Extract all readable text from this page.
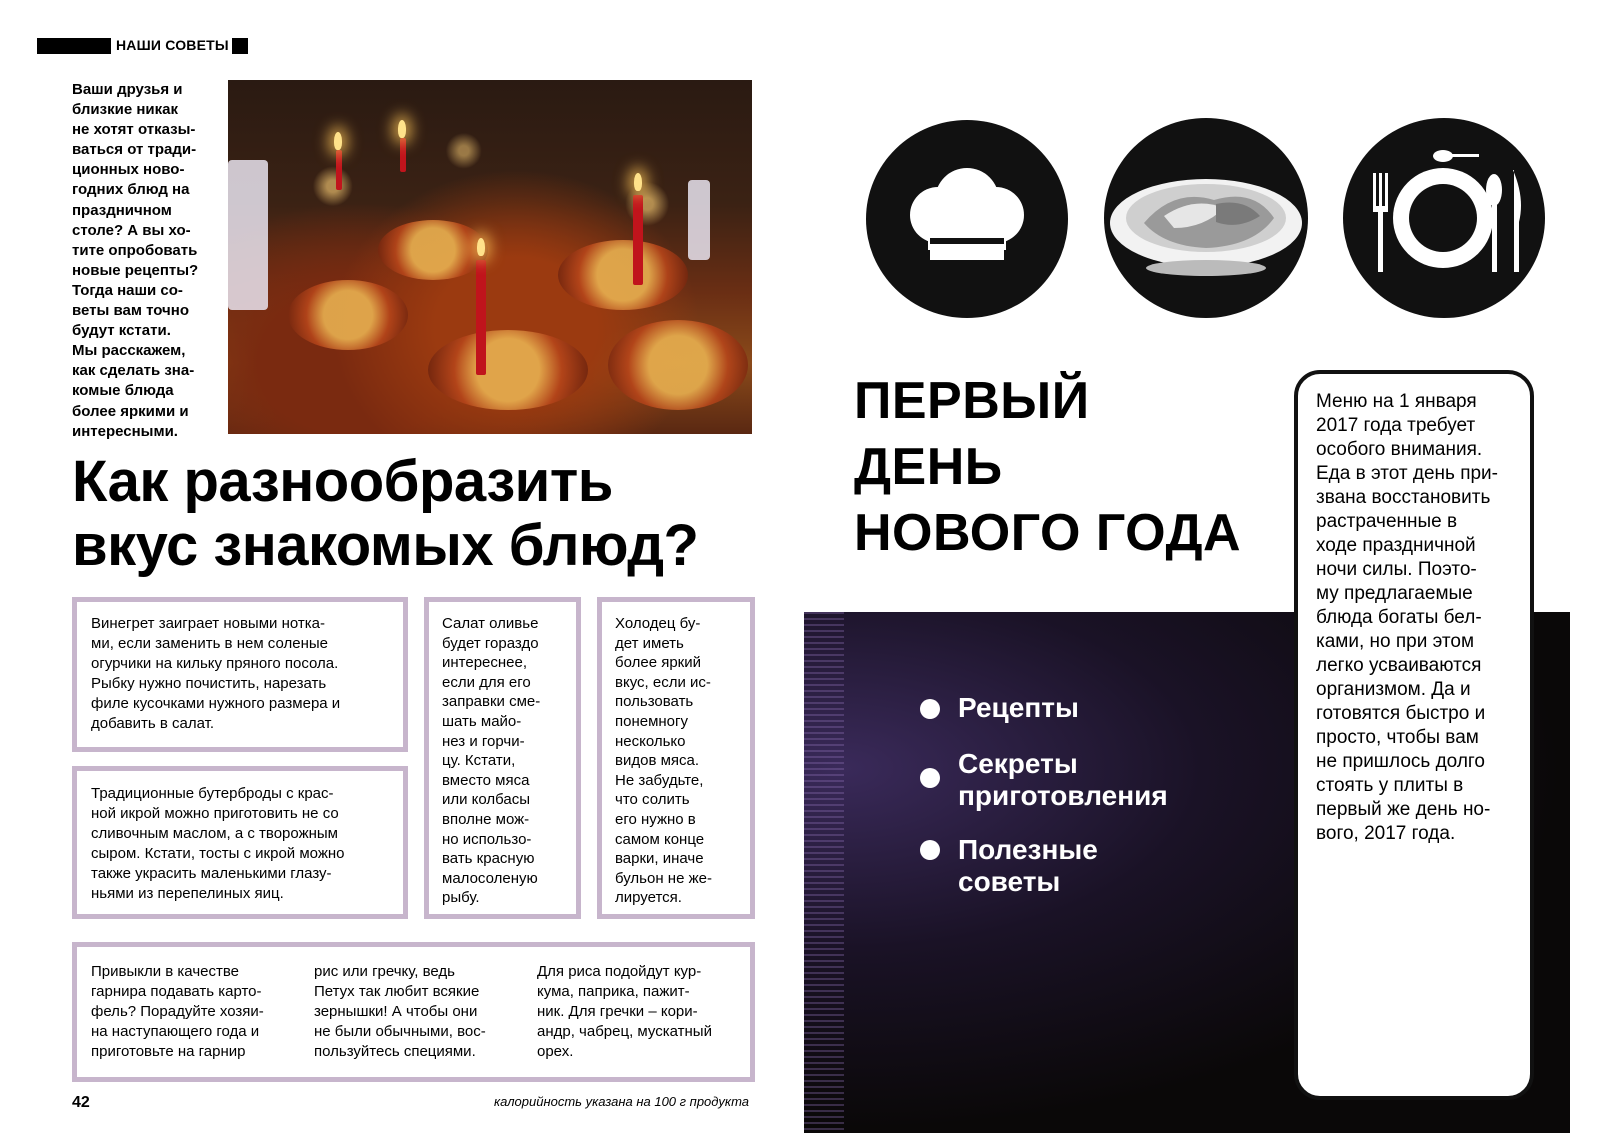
НАШИ СОВЕТЫ
Ваши друзья и
близкие никак
не хотят отказы-
ваться от тради-
ционных ново-
годних блюд на
праздничном
столе? А вы хо-
тите опробовать
новые рецепты?
Тогда наши со-
веты вам точно
будут кстати.
Мы расскажем,
как сделать зна-
комые блюда
более яркими и
интересными.
Как разнообразить
вкус знакомых блюд?
Винегрет заиграет новыми нотка-
ми, если заменить в нем соленые
огурчики на кильку пряного посола.
Рыбку нужно почистить, нарезать
филе кусочками нужного размера и
добавить в салат.
Традиционные бутерброды с крас-
ной икрой можно приготовить не со
сливочным маслом, а с творожным
сыром. Кстати, тосты с икрой можно
также украсить маленькими глазу-
ньями из перепелиных яиц.
Салат оливье
будет гораздо
интереснее,
если для его
заправки сме-
шать майо-
нез и горчи-
цу. Кстати,
вместо мяса
или колбасы
вполне мож-
но использо-
вать красную
малосоленую
рыбу.
Холодец бу-
дет иметь
более яркий
вкус, если ис-
пользовать
понемногу
несколько
видов мяса.
Не забудьте,
что солить
его нужно в
самом конце
варки, иначе
бульон не же-
лируется.
Привыкли в качестве
гарнира подавать карто-
фель? Порадуйте хозяи-
на наступающего года и
приготовьте на гарнир
рис или гречку, ведь
Петух так любит всякие
зернышки! А чтобы они
не были обычными, вос-
пользуйтесь специями.
Для риса подойдут кур-
кума, паприка, пажит-
ник. Для гречки – кори-
андр, чабрец, мускатный
орех.
42	калорийность указана на 100 г продукта
ПЕРВЫЙ
ДЕНЬ
НОВОГО ГОДА
Рецепты
Секреты
приготовления
Полезные
советы
Меню на 1 января
2017 года требует
особого внимания.
Еда в этот день при-
звана восстановить
растраченные в
ходе праздничной
ночи силы. Поэто-
му предлагаемые
блюда богаты бел-
ками, но при этом
легко усваиваются
организмом. Да и
готовятся быстро и
просто, чтобы вам
не пришлось долго
стоять у плиты в
первый же день но-
вого, 2017 года.
